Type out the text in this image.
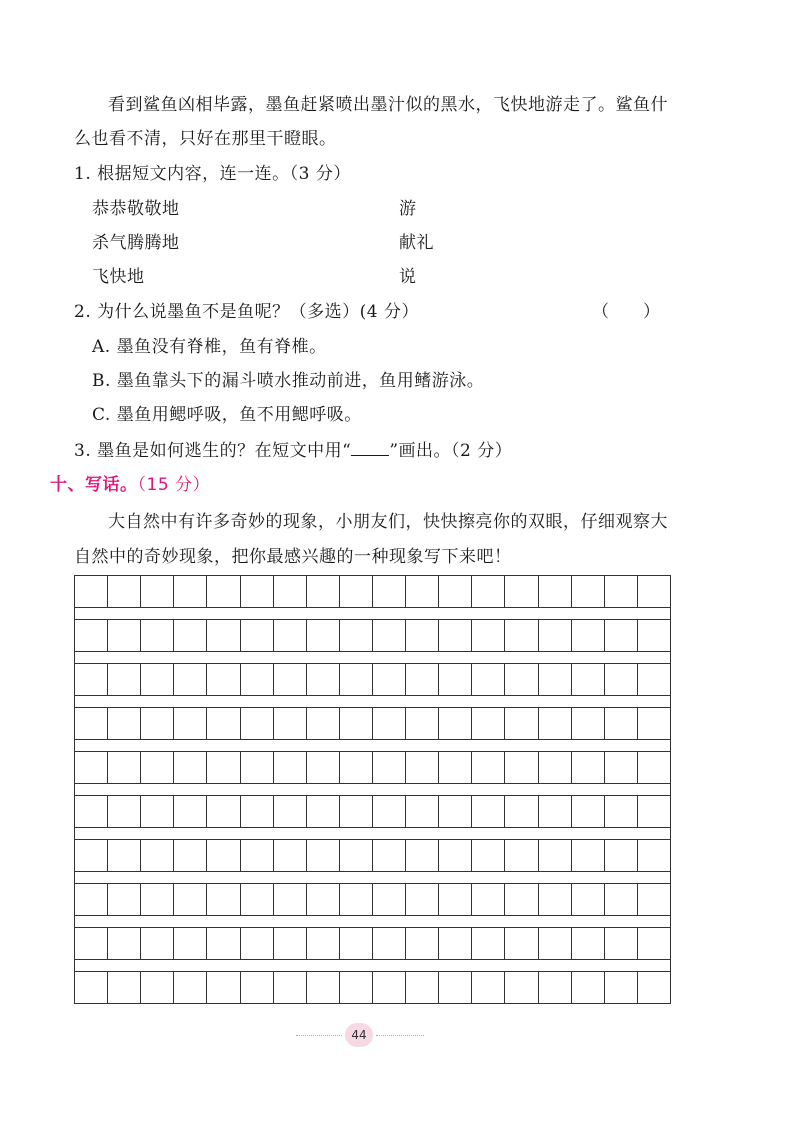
看到鲨鱼凶相毕露，墨鱼赶紧喷出墨汁似的黑水，飞快地游走了。鲨鱼什
么也看不清，只好在那里干瞪眼。
1. 根据短文内容，连一连。（3 分）
恭恭敬敬地
杀气腾腾地
飞快地
游
献礼
说
2. 为什么说墨鱼不是鱼呢？（多选）(4 分）	（　　）
A. 墨鱼没有脊椎，鱼有脊椎。
B. 墨鱼靠头下的漏斗喷水推动前进，鱼用鳍游泳。
C. 墨鱼用鳃呼吸，鱼不用鳃呼吸。
3. 墨鱼是如何逃生的？在短文中用“ ”画出。（2 分）
十、写话。（15 分）
大自然中有许多奇妙的现象，小朋友们，快快擦亮你的双眼，仔细观察大
自然中的奇妙现象，把你最感兴趣的一种现象写下来吧！
44
